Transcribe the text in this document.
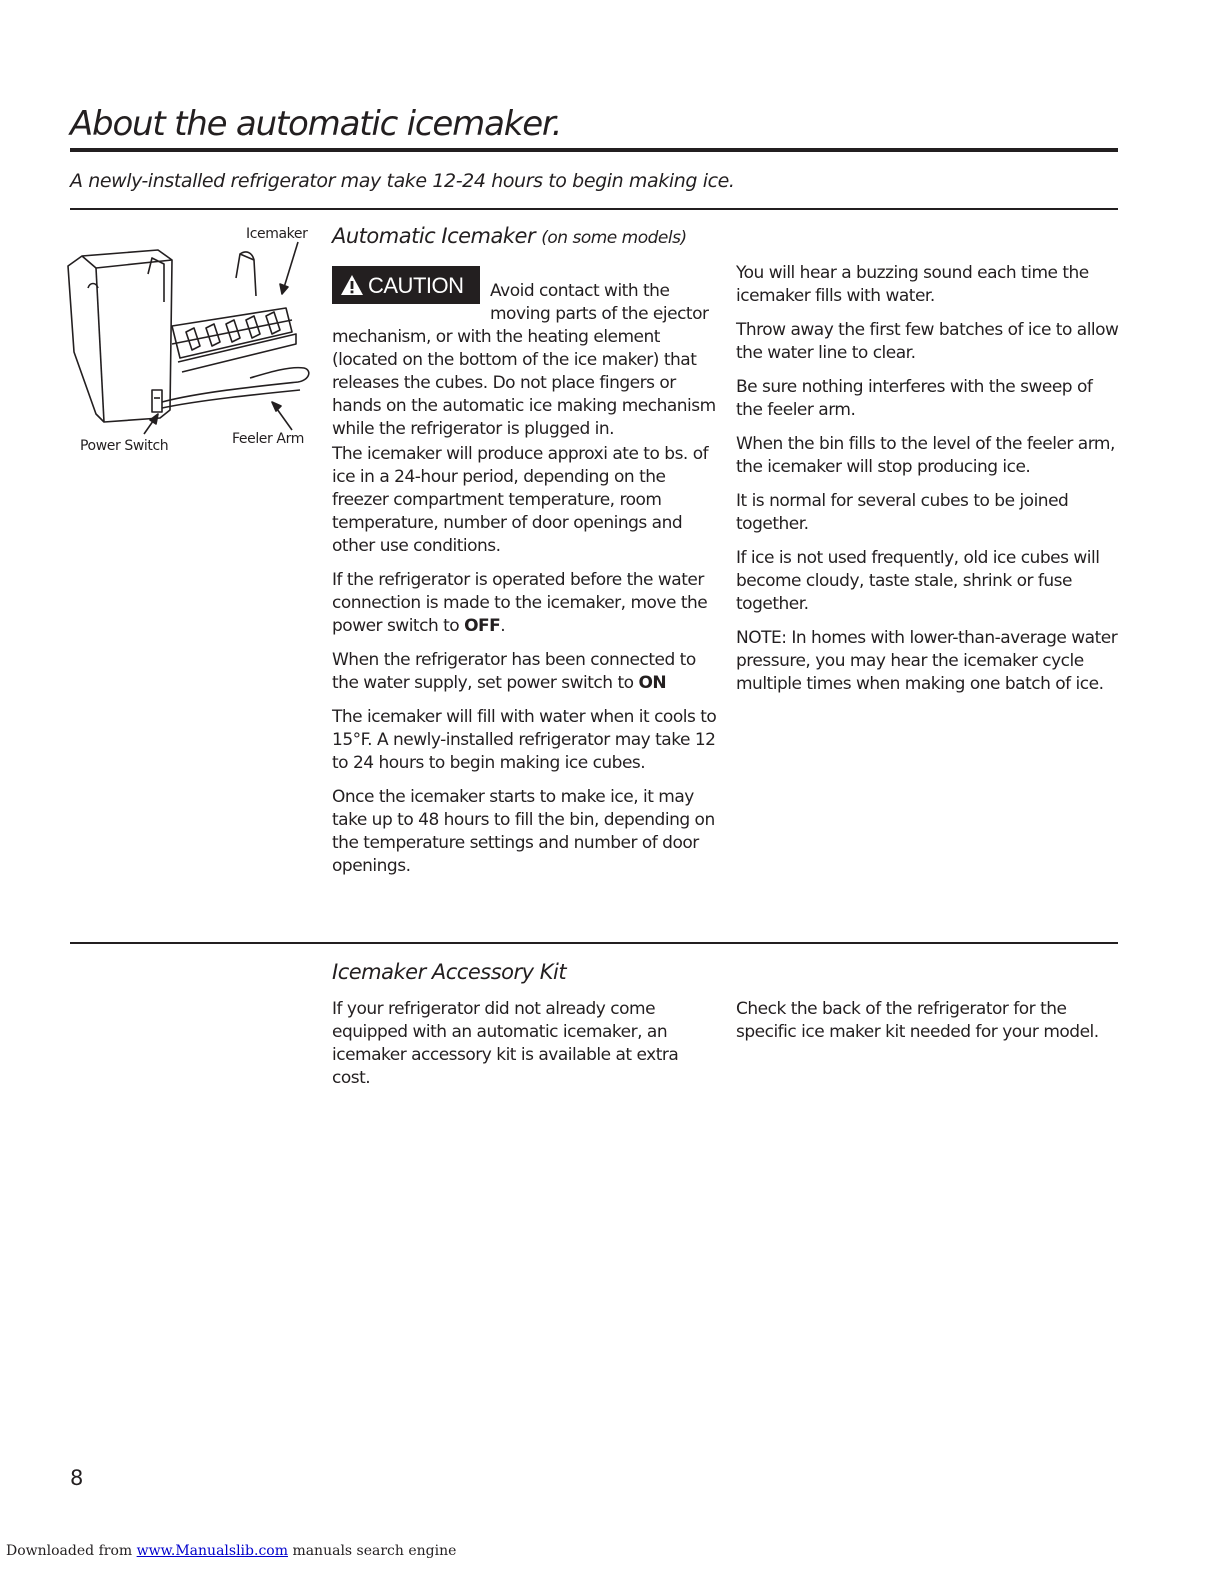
About the automatic icemaker.

A newly-installed refrigerator may take 12-24 hours to begin making ice.

Icemaker
Power Switch	Feeler Arm
Automatic Icemaker (on some models)

CAUTION	Avoid contact with the moving parts of the ejector mechanism, or with the heating element (located on the bottom of the ice maker) that releases the cubes. Do not place fingers or hands on the automatic ice making mechanism while the refrigerator is plugged in.

The icemaker will produce approxi ate to bs. of ice in a 24-hour period, depending on the freezer compartment temperature, room temperature, number of door openings and other use conditions.

If the refrigerator is operated before the water connection is made to the icemaker, move the power switch to OFF.

When the refrigerator has been connected to the water supply, set power switch to ON

The icemaker will fill with water when it cools to 15°F. A newly-installed refrigerator may take 12 to 24 hours to begin making ice cubes.

Once the icemaker starts to make ice, it may take up to 48 hours to fill the bin, depending on the temperature settings and number of door openings.

You will hear a buzzing sound each time the icemaker fills with water.

Throw away the first few batches of ice to allow the water line to clear.

Be sure nothing interferes with the sweep of the feeler arm.

When the bin fills to the level of the feeler arm, the icemaker will stop producing ice.

It is normal for several cubes to be joined together.

If ice is not used frequently, old ice cubes will become cloudy, taste stale, shrink or fuse together.

NOTE: In homes with lower-than-average water pressure, you may hear the icemaker cycle multiple times when making one batch of ice.

Icemaker Accessory Kit

If your refrigerator did not already come equipped with an automatic icemaker, an icemaker accessory kit is available at extra cost.

Check the back of the refrigerator for the specific ice maker kit needed for your model.

8
Downloaded from www.Manualslib.com manuals search engine
